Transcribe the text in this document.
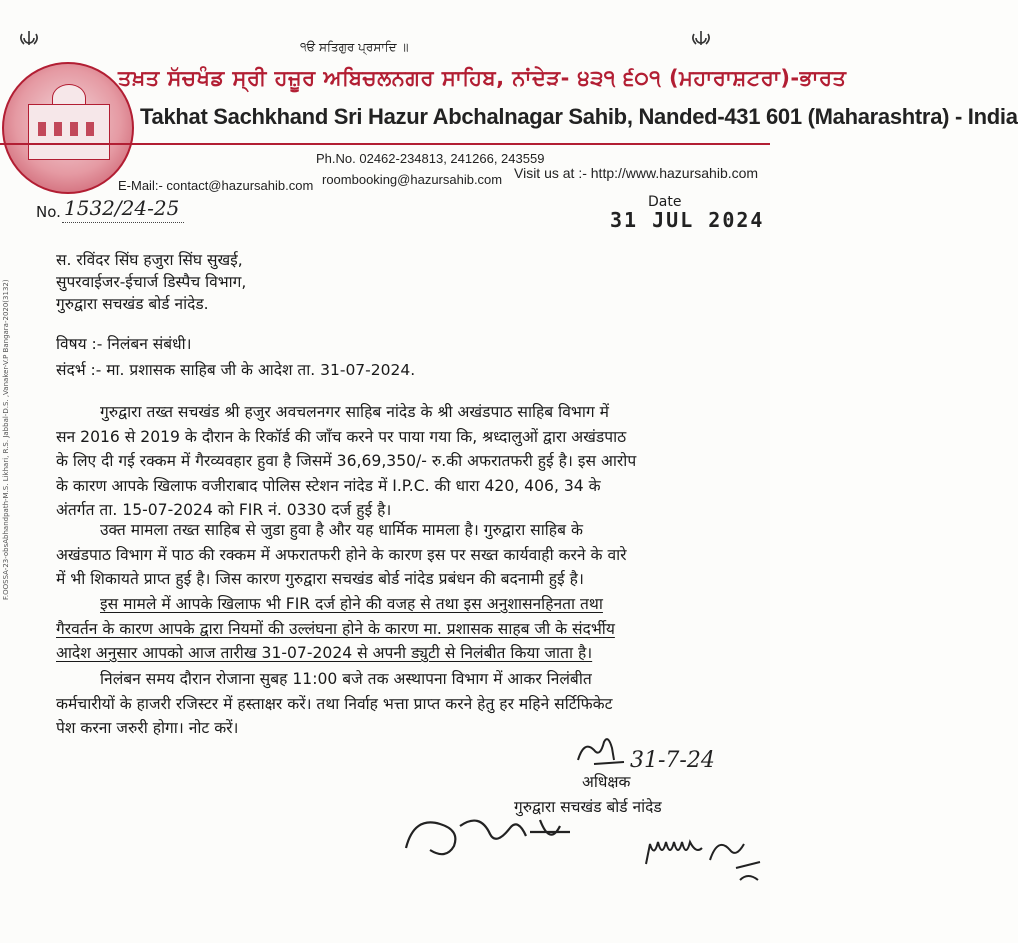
੧ੳ ਸਤਿਗੁਰ ਪ੍ਰਸਾਦਿ ॥
ਤਖ਼ਤ ਸੱਚਖੰਡ ਸ੍ਰੀ ਹਜ਼ੂਰ ਅਬਿਚਲਨਗਰ ਸਾਹਿਬ, ਨਾਂਦੇੜ- ੪੩੧ ੬੦੧ (ਮਹਾਰਾਸ਼ਟਰਾ)-ਭਾਰਤ
Takhat Sachkhand Sri Hazur Abchalnagar Sahib, Nanded-431 601 (Maharashtra) - India
Ph.No. 02462-234813, 241266, 243559
E-Mail:- contact@hazursahib.com roombooking@hazursahib.com Visit us at :- http://www.hazursahib.com
No. 1532/24-25	Date
31 JUL 2024
स. रविंदर सिंघ हजुरा सिंघ सुखई,
सुपरवाईजर-ईचार्ज डिस्पैच विभाग,
गुरुद्वारा सचखंड बोर्ड नांदेड.
विषय :- निलंबन संबंधी।
संदर्भ :- मा. प्रशासक साहिब जी के आदेश ता. 31-07-2024.
गुरुद्वारा तख्त सचखंड श्री हजुर अवचलनगर साहिब नांदेड के श्री अखंडपाठ साहिब विभाग में
सन 2016 से 2019 के दौरान के रिकॉर्ड की जाँच करने पर पाया गया कि, श्रध्दालुओं द्वारा अखंडपाठ
के लिए दी गई रक्कम में गैरव्यवहार हुवा है जिसमें 36,69,350/- रु.की अफरातफरी हुई है। इस आरोप
के कारण आपके खिलाफ वजीराबाद पोलिस स्टेशन नांदेड में I.P.C. की धारा 420, 406, 34 के
अंतर्गत ता. 15-07-2024 को FIR नं. 0330 दर्ज हुई है।
उक्त मामला तख्त साहिब से जुडा हुवा है और यह धार्मिक मामला है। गुरुद्वारा साहिब के
अखंडपाठ विभाग में पाठ की रक्कम में अफरातफरी होने के कारण इस पर सख्त कार्यवाही करने के वारे
में भी शिकायते प्राप्त हुई है। जिस कारण गुरुद्वारा सचखंड बोर्ड नांदेड प्रबंधन की बदनामी हुई है।
इस मामले में आपके खिलाफ भी FIR दर्ज होने की वजह से तथा इस अनुशासनहिनता तथा
गैरवर्तन के कारण आपके द्वारा नियमों की उल्लंघना होने के कारण मा. प्रशासक साहब जी के संदर्भीय
आदेश अनुसार आपको आज तारीख 31-07-2024 से अपनी ड्युटी से निलंबीत किया जाता है।
निलंबन समय दौरान रोजाना सुबह 11:00 बजे तक अस्थापना विभाग में आकर निलंबीत
कर्मचारीयों के हाजरी रजिस्टर में हस्ताक्षर करें। तथा निर्वाह भत्ता प्राप्त करने हेतु हर महिने सर्टिफिकेट
पेश करना जरुरी होगा। नोट करें।
31-7-24
अधिक्षक
गुरुद्वारा सचखंड बोर्ड नांदेड
F.OOSSA-23-obsAbhandpath-M.S. Likhari, R.S. Jabbal-D.S. ,Vanaker-V.P Bangara-2020(3132)
